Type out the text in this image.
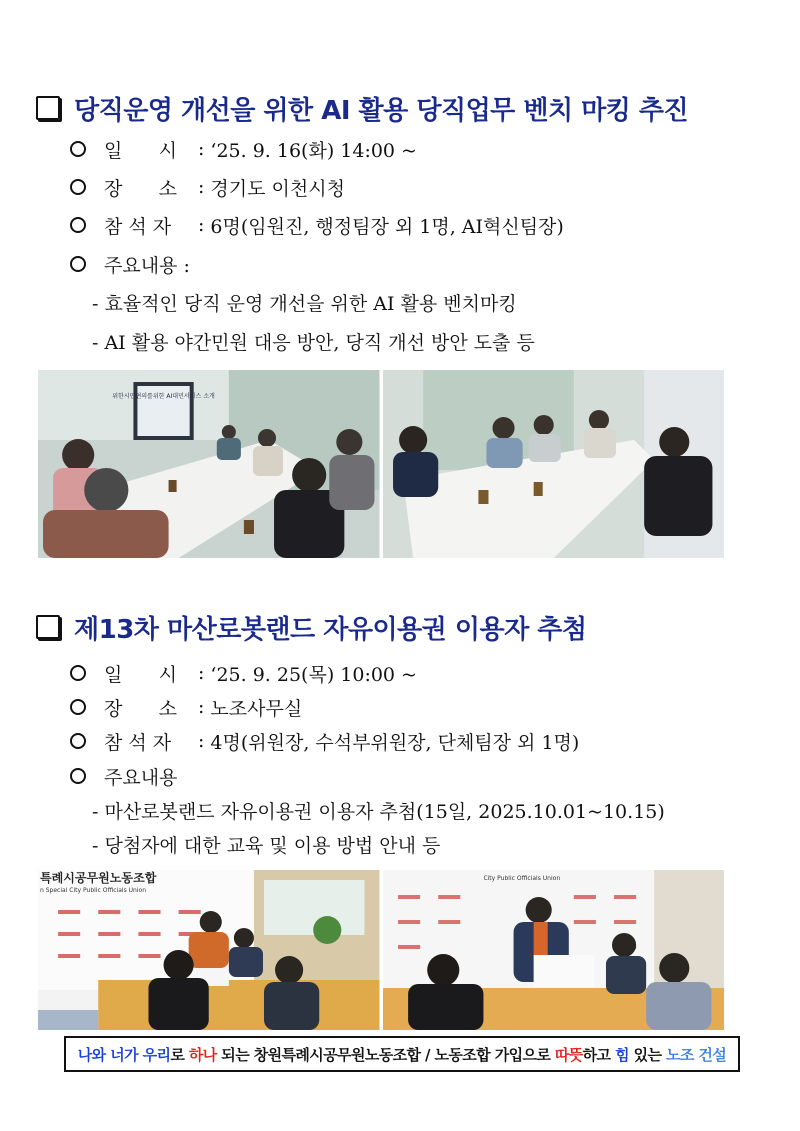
당직운영 개선을 위한 AI 활용 당직업무 벤치 마킹 추진
일      시	: ‘25. 9. 16(화) 14:00 ~
장      소	: 경기도 이천시청
참 석 자	: 6명(임원진, 행정팀장 외 1명, AI혁신팀장)
주요내용 :
- 효율적인 당직 운영 개선을 위한 AI 활용 벤치마킹
- AI 활용 야간민원 대응 방안, 당직 개선 방안 도출 등
위한시민편의를위한 AI대민서비스 소개
제13차 마산로봇랜드 자유이용권 이용자 추첨
일      시	: ‘25. 9. 25(목) 10:00 ~
장      소	: 노조사무실
참 석 자	: 4명(위원장, 수석부위원장, 단체팀장 외 1명)
주요내용
- 마산로봇랜드 자유이용권 이용자 추첨(15일, 2025.10.01~10.15)
- 당첨자에 대한 교육 및 이용 방법 안내 등
특례시공무원노동조합
n Special City Public Officials Union
City Public Officials Union
나와 너가 우리 로 하나 되는 창원특례시공무원노동조합 / 노동조합 가입으로 따뜻 하고 힘 있는 노조 건설
